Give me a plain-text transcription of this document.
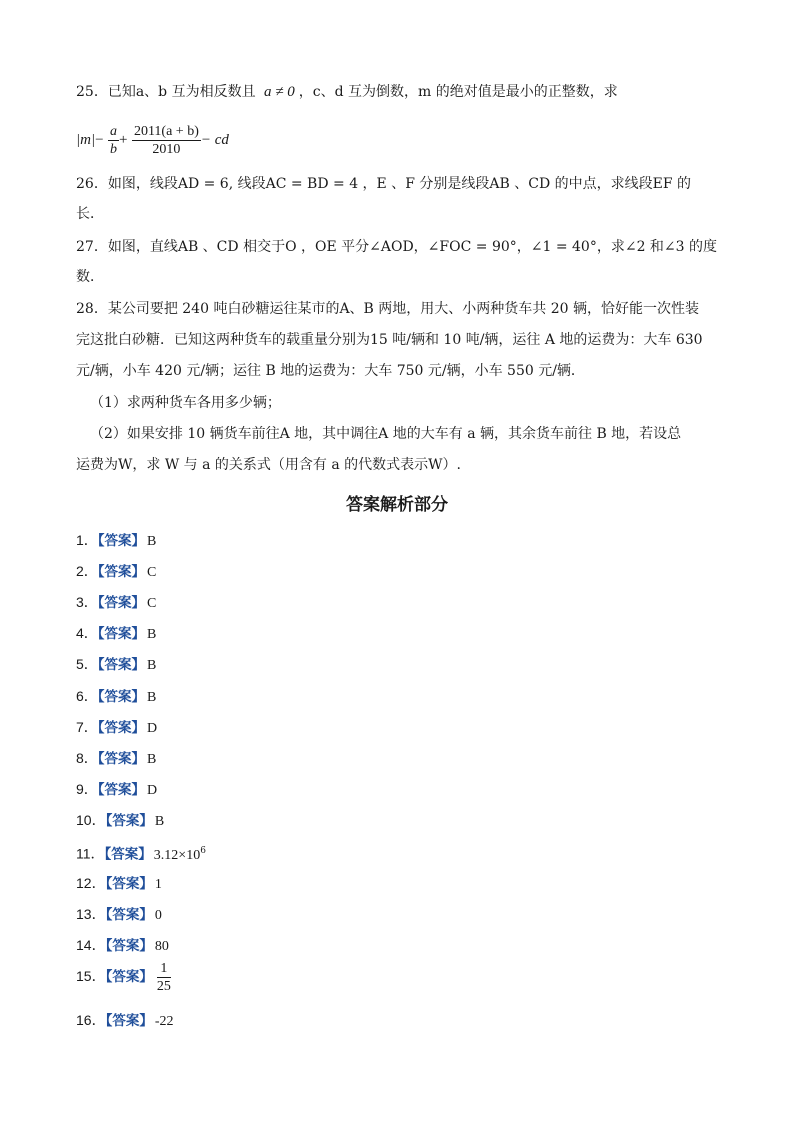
25．已知a、b 互为相反数且 a ≠ 0 ，c、d 互为倒数，m 的绝对值是最小的正整数，求
$|m|- \frac{a}{b} + \frac{2011(a + b)}{2010}$ − cd
26．如图，线段AD = 6, 线段AC = BD = 4 ，E 、F 分别是线段AB 、CD 的中点，求线段EF 的
长．
27．如图，直线AB 、CD 相交于O ，OE 平分∠AOD，∠FOC = 90°，∠1 = 40°，求∠2 和∠3 的度
数．
28．某公司要把 240 吨白砂糖运往某市的A、B 两地，用大、小两种货车共 20 辆，恰好能一次性装
完这批白砂糖．已知这两种货车的载重量分别为15 吨/辆和 10 吨/辆，运往 A 地的运费为：大车 630
元/辆，小车 420 元/辆；运往 B 地的运费为：大车 750 元/辆，小车 550 元/辆．
（1）求两种货车各用多少辆；
（2）如果安排 10 辆货车前往A 地，其中调往A 地的大车有 a 辆，其余货车前往 B 地，若设总
运费为W，求 W 与 a 的关系式（用含有 a 的代数式表示W）.
答案解析部分
1．【答案】 B
2．【答案】 C
3．【答案】 C
4．【答案】 B
5．【答案】 B
6．【答案】 B
7．【答案】 D
8．【答案】 B
9．【答案】 D
10．【答案】 B
11．【答案】 $3.12\times 10^6$
12．【答案】 1
13．【答案】 0
14．【答案】 80
15．【答案】 $\frac{1}{25}$
16．【答案】 -22
